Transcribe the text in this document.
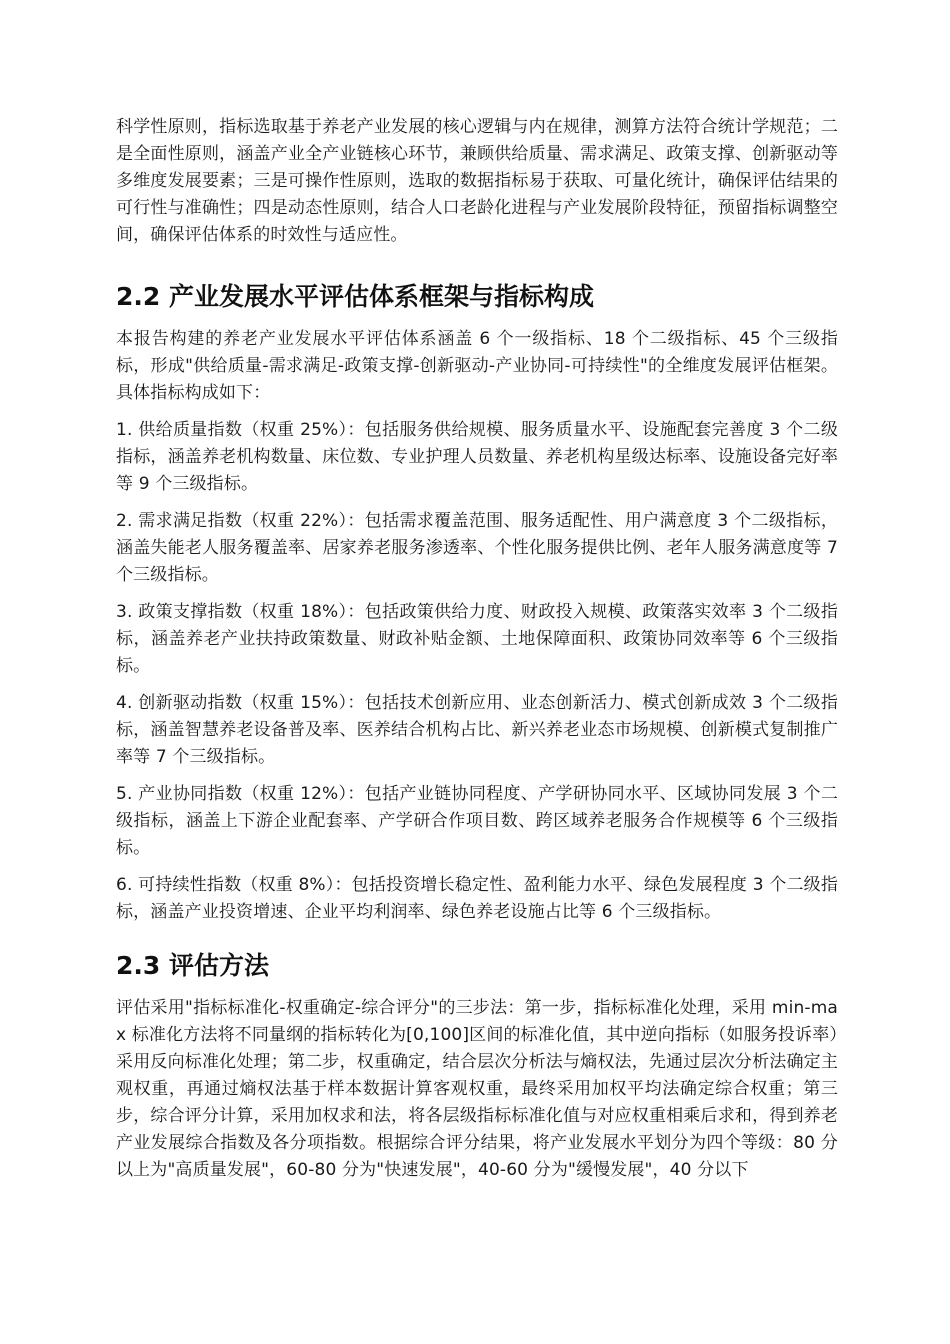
科学性原则，指标选取基于养老产业发展的核心逻辑与内在规律，测算方法符合统计学规范；二是全面性原则，涵盖产业全产业链核心环节，兼顾供给质量、需求满足、政策支撑、创新驱动等多维度发展要素；三是可操作性原则，选取的数据指标易于获取、可量化统计，确保评估结果的可行性与准确性；四是动态性原则，结合人口老龄化进程与产业发展阶段特征，预留指标调整空间，确保评估体系的时效性与适应性。

2.2 产业发展水平评估体系框架与指标构成

本报告构建的养老产业发展水平评估体系涵盖 6 个一级指标、18 个二级指标、45 个三级指标，形成"供给质量-需求满足-政策支撑-创新驱动-产业协同-可持续性"的全维度发展评估框架。具体指标构成如下：

1. 供给质量指数（权重 25%）：包括服务供给规模、服务质量水平、设施配套完善度 3 个二级指标，涵盖养老机构数量、床位数、专业护理人员数量、养老机构星级达标率、设施设备完好率等 9 个三级指标。

2. 需求满足指数（权重 22%）：包括需求覆盖范围、服务适配性、用户满意度 3 个二级指标，涵盖失能老人服务覆盖率、居家养老服务渗透率、个性化服务提供比例、老年人服务满意度等 7 个三级指标。

3. 政策支撑指数（权重 18%）：包括政策供给力度、财政投入规模、政策落实效率 3 个二级指标，涵盖养老产业扶持政策数量、财政补贴金额、土地保障面积、政策协同效率等 6 个三级指标。

4. 创新驱动指数（权重 15%）：包括技术创新应用、业态创新活力、模式创新成效 3 个二级指标，涵盖智慧养老设备普及率、医养结合机构占比、新兴养老业态市场规模、创新模式复制推广率等 7 个三级指标。

5. 产业协同指数（权重 12%）：包括产业链协同程度、产学研协同水平、区域协同发展 3 个二级指标，涵盖上下游企业配套率、产学研合作项目数、跨区域养老服务合作规模等 6 个三级指标。

6. 可持续性指数（权重 8%）：包括投资增长稳定性、盈利能力水平、绿色发展程度 3 个二级指标，涵盖产业投资增速、企业平均利润率、绿色养老设施占比等 6 个三级指标。

2.3 评估方法

评估采用"指标标准化-权重确定-综合评分"的三步法：第一步，指标标准化处理，采用 min-max 标准化方法将不同量纲的指标转化为[0,100]区间的标准化值，其中逆向指标（如服务投诉率）采用反向标准化处理；第二步，权重确定，结合层次分析法与熵权法，先通过层次分析法确定主观权重，再通过熵权法基于样本数据计算客观权重，最终采用加权平均法确定综合权重；第三步，综合评分计算，采用加权求和法，将各层级指标标准化值与对应权重相乘后求和，得到养老产业发展综合指数及各分项指数。根据综合评分结果，将产业发展水平划分为四个等级：80 分以上为"高质量发展"，60-80 分为"快速发展"，40-60 分为"缓慢发展"，40 分以下
